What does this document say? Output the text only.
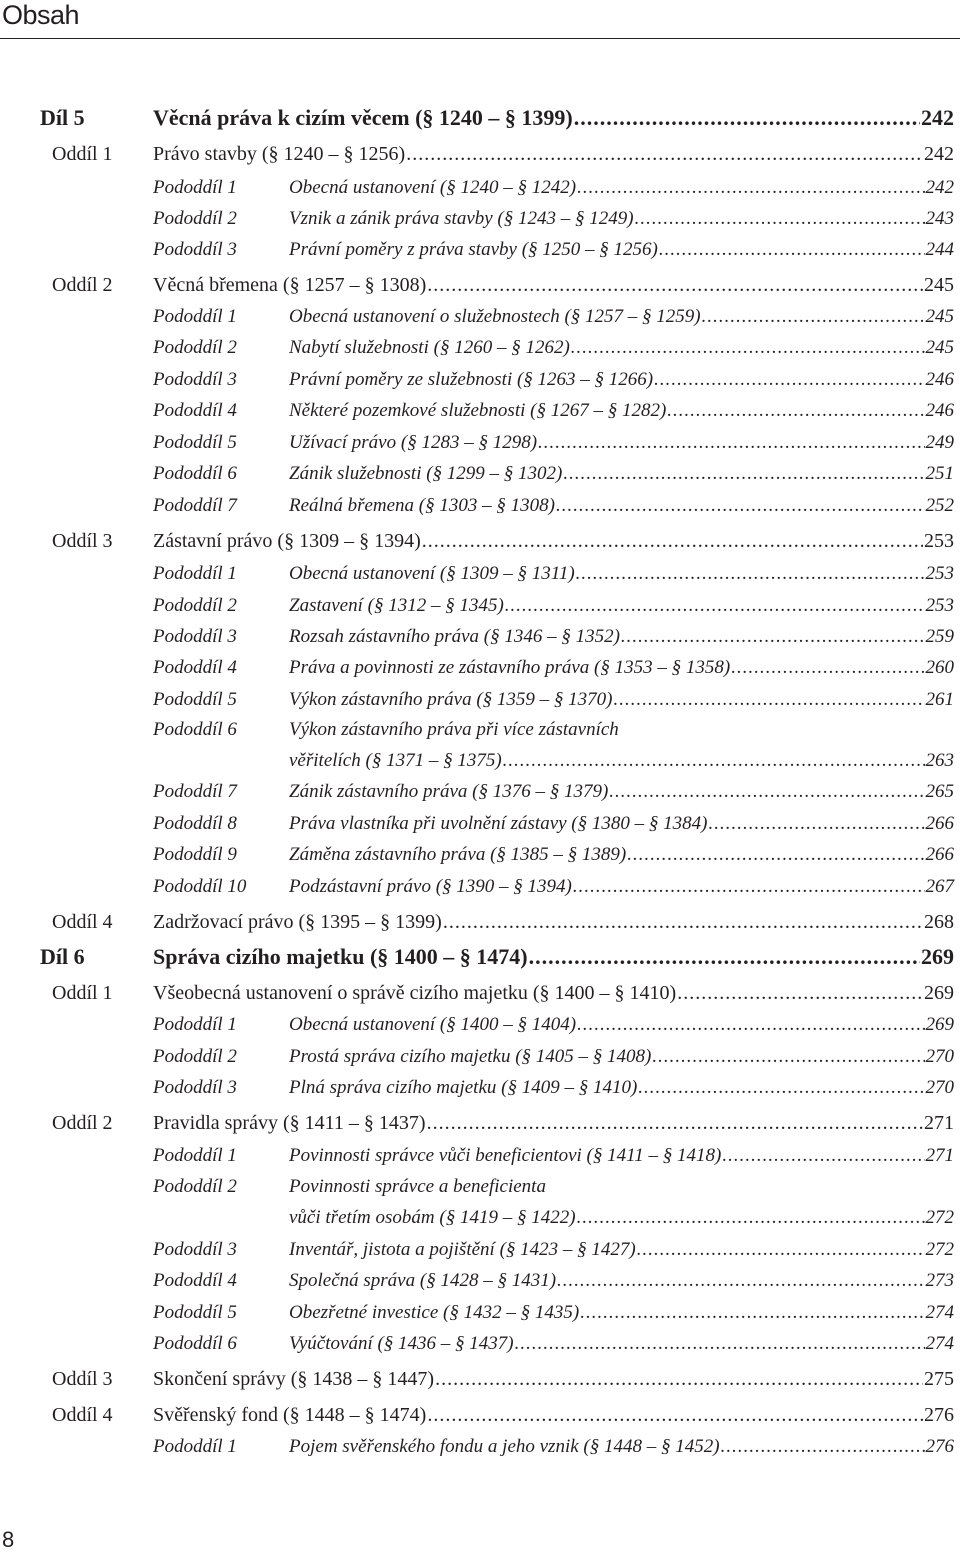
Obsah
Díl 5	Věcná práva k cizím věcem (§ 1240 – § 1399) .....	242
Oddíl 1 Právo stavby (§ 1240 – § 1256) .....	242
Pododdíl 1	Obecná ustanovení (§ 1240 – § 1242) .....	242
Pododdíl 2	Vznik a zánik práva stavby (§ 1243 – § 1249) .....	243
Pododdíl 3	Právní poměry z práva stavby (§ 1250 – § 1256) .....	244
Oddíl 2 Věcná břemena (§ 1257 – § 1308) .....	245
Pododdíl 1	Obecná ustanovení o služebnostech (§ 1257 – § 1259) .....	245
Pododdíl 2	Nabytí služebnosti (§ 1260 – § 1262) .....	245
Pododdíl 3	Právní poměry ze služebnosti (§ 1263 – § 1266) .....	246
Pododdíl 4	Některé pozemkové služebnosti (§ 1267 – § 1282) .....	246
Pododdíl 5	Užívací právo (§ 1283 – § 1298) .....	249
Pododdíl 6	Zánik služebnosti (§ 1299 – § 1302) .....	251
Pododdíl 7	Reálná břemena (§ 1303 – § 1308) .....	252
Oddíl 3 Zástavní právo (§ 1309 – § 1394) .....	253
Pododdíl 1	Obecná ustanovení (§ 1309 – § 1311) .....	253
Pododdíl 2	Zastavení (§ 1312 – § 1345) .....	253
Pododdíl 3	Rozsah zástavního práva (§ 1346 – § 1352) .....	259
Pododdíl 4	Práva a povinnosti ze zástavního práva (§ 1353 – § 1358) .....	260
Pododdíl 5	Výkon zástavního práva (§ 1359 – § 1370) .....	261
Pododdíl 6	Výkon zástavního práva při více zástavních
věřitelích (§ 1371 – § 1375) .....	263
Pododdíl 7	Zánik zástavního práva (§ 1376 – § 1379) .....	265
Pododdíl 8	Práva vlastníka při uvolnění zástavy (§ 1380 – § 1384) .....	266
Pododdíl 9	Záměna zástavního práva (§ 1385 – § 1389) .....	266
Pododdíl 10 Podzástavní právo (§ 1390 – § 1394) .....	267
Oddíl 4 Zadržovací právo (§ 1395 – § 1399) .....	268
Díl 6	Správa cizího majetku (§ 1400 – § 1474) .....	269
Oddíl 1 Všeobecná ustanovení o správě cizího majetku (§ 1400 – § 1410) .....	269
Pododdíl 1	Obecná ustanovení (§ 1400 – § 1404) .....	269
Pododdíl 2	Prostá správa cizího majetku (§ 1405 – § 1408) .....	270
Pododdíl 3	Plná správa cizího majetku (§ 1409 – § 1410) .....	270
Oddíl 2 Pravidla správy (§ 1411 – § 1437) .....	271
Pododdíl 1	Povinnosti správce vůči beneficientovi (§ 1411 – § 1418) .....	271
Pododdíl 2	Povinnosti správce a beneficienta
vůči třetím osobám (§ 1419 – § 1422) .....	272
Pododdíl 3	Inventář, jistota a pojištění (§ 1423 – § 1427) .....	272
Pododdíl 4	Společná správa (§ 1428 – § 1431) .....	273
Pododdíl 5	Obezřetné investice (§ 1432 – § 1435) .....	274
Pododdíl 6	Vyúčtování (§ 1436 – § 1437) .....	274
Oddíl 3 Skončení správy (§ 1438 – § 1447) .....	275
Oddíl 4 Svěřenský fond (§ 1448 – § 1474) .....	276
Pododdíl 1	Pojem svěřenského fondu a jeho vznik (§ 1448 – § 1452) .....	276
8
